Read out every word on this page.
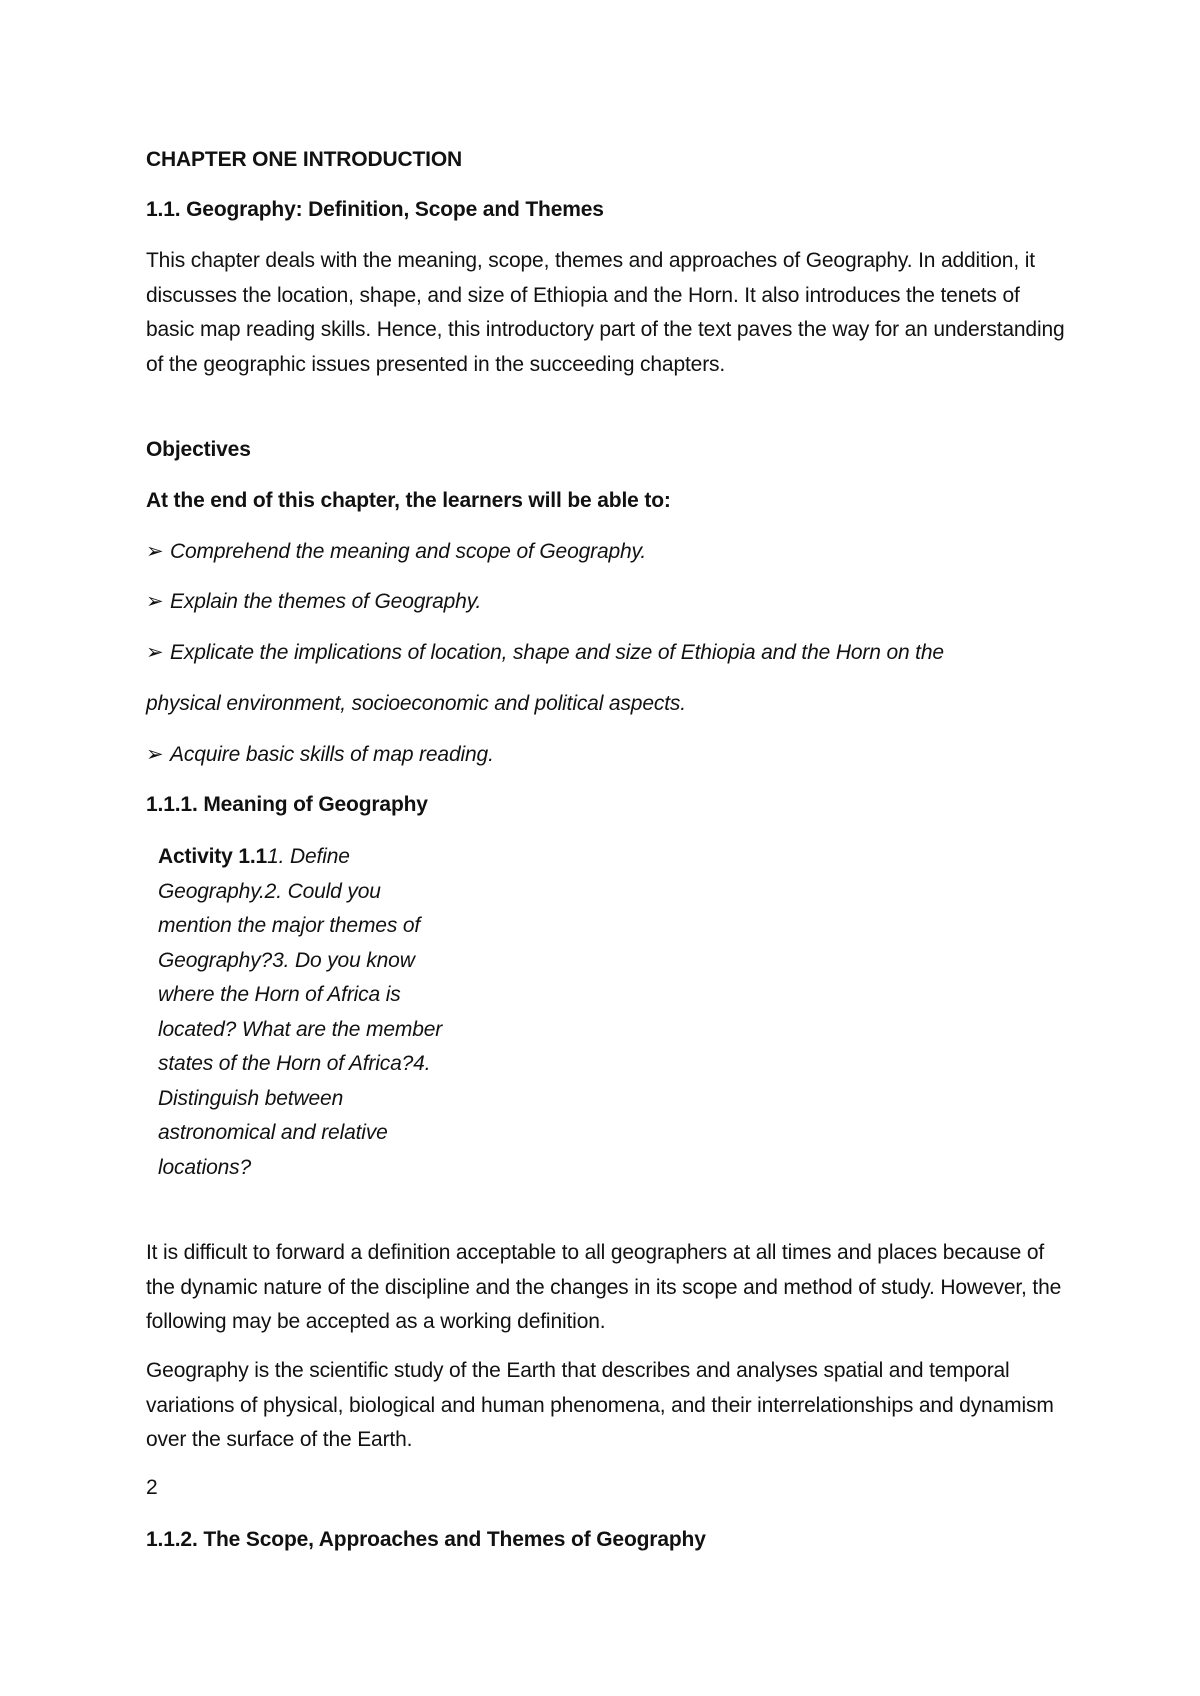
CHAPTER ONE INTRODUCTION

1.1. Geography: Definition, Scope and Themes

This chapter deals with the meaning, scope, themes and approaches of Geography. In addition, it discusses the location, shape, and size of Ethiopia and the Horn. It also introduces the tenets of basic map reading skills. Hence, this introductory part of the text paves the way for an understanding of the geographic issues presented in the succeeding chapters.

Objectives

At the end of this chapter, the learners will be able to:

➢ Comprehend the meaning and scope of Geography.

➢ Explain the themes of Geography.

➢ Explicate the implications of location, shape and size of Ethiopia and the Horn on the

physical environment, socioeconomic and political aspects.

➢ Acquire basic skills of map reading.

1.1.1. Meaning of Geography

Activity 1.11. Define Geography.2. Could you mention the major themes of Geography?3. Do you know where the Horn of Africa is located? What are the member states of the Horn of Africa?4. Distinguish between astronomical and relative locations?

It is difficult to forward a definition acceptable to all geographers at all times and places because of the dynamic nature of the discipline and the changes in its scope and method of study. However, the following may be accepted as a working definition.

Geography is the scientific study of the Earth that describes and analyses spatial and temporal variations of physical, biological and human phenomena, and their interrelationships and dynamism over the surface of the Earth.

2

1.1.2. The Scope, Approaches and Themes of Geography
